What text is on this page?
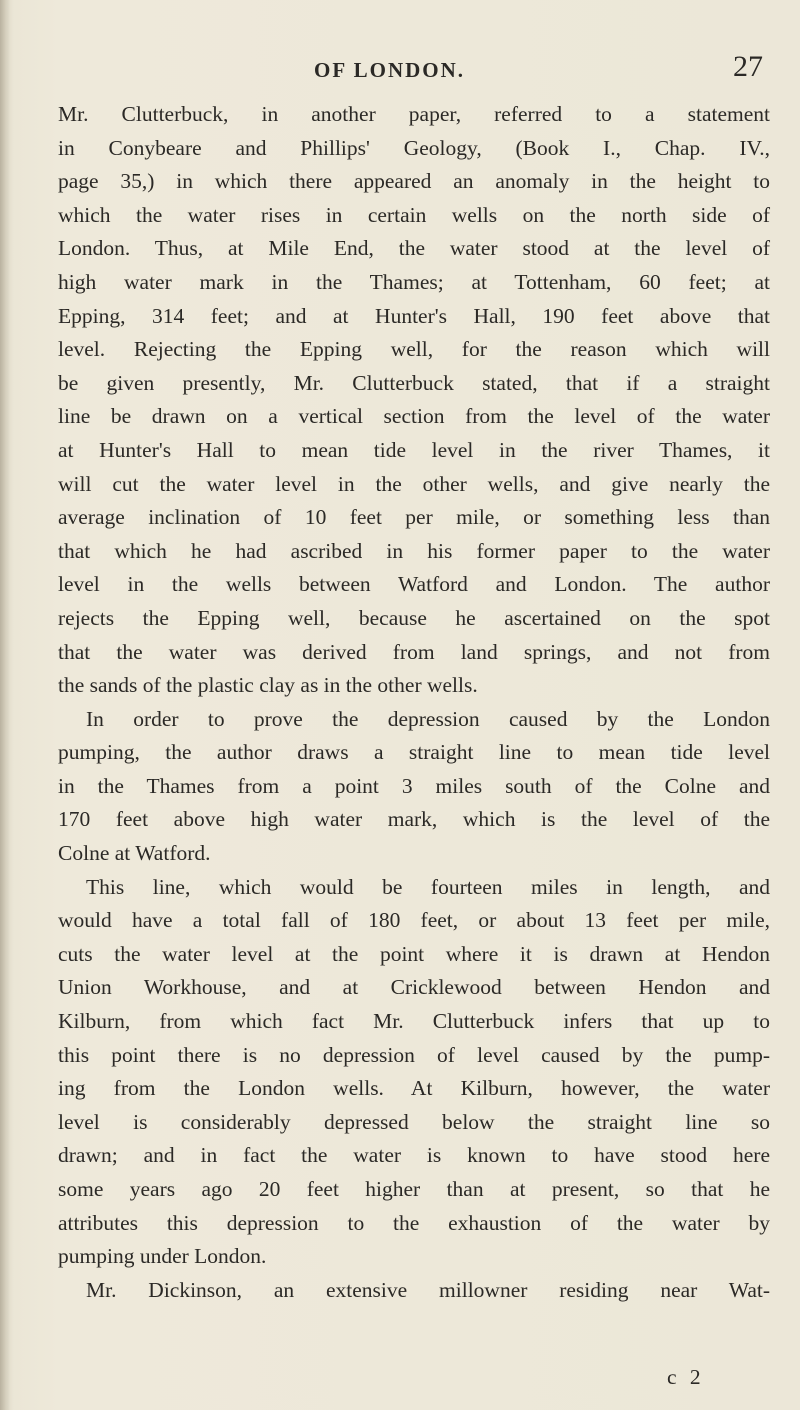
OF LONDON.	27
Mr. Clutterbuck, in another paper, referred to a statement
in Conybeare and Phillips' Geology, (Book I., Chap. IV.,
page 35,) in which there appeared an anomaly in the height to
which the water rises in certain wells on the north side of
London. Thus, at Mile End, the water stood at the level of
high water mark in the Thames; at Tottenham, 60 feet; at
Epping, 314 feet; and at Hunter's Hall, 190 feet above that
level. Rejecting the Epping well, for the reason which will
be given presently, Mr. Clutterbuck stated, that if a straight
line be drawn on a vertical section from the level of the water
at Hunter's Hall to mean tide level in the river Thames, it
will cut the water level in the other wells, and give nearly the
average inclination of 10 feet per mile, or something less than
that which he had ascribed in his former paper to the water
level in the wells between Watford and London. The author
rejects the Epping well, because he ascertained on the spot
that the water was derived from land springs, and not from
the sands of the plastic clay as in the other wells.
In order to prove the depression caused by the London
pumping, the author draws a straight line to mean tide level
in the Thames from a point 3 miles south of the Colne and
170 feet above high water mark, which is the level of the
Colne at Watford.
This line, which would be fourteen miles in length, and
would have a total fall of 180 feet, or about 13 feet per mile,
cuts the water level at the point where it is drawn at Hendon
Union Workhouse, and at Cricklewood between Hendon and
Kilburn, from which fact Mr. Clutterbuck infers that up to
this point there is no depression of level caused by the pump-
ing from the London wells. At Kilburn, however, the water
level is considerably depressed below the straight line so
drawn; and in fact the water is known to have stood here
some years ago 20 feet higher than at present, so that he
attributes this depression to the exhaustion of the water by
pumping under London.
Mr. Dickinson, an extensive millowner residing near Wat-
c 2
